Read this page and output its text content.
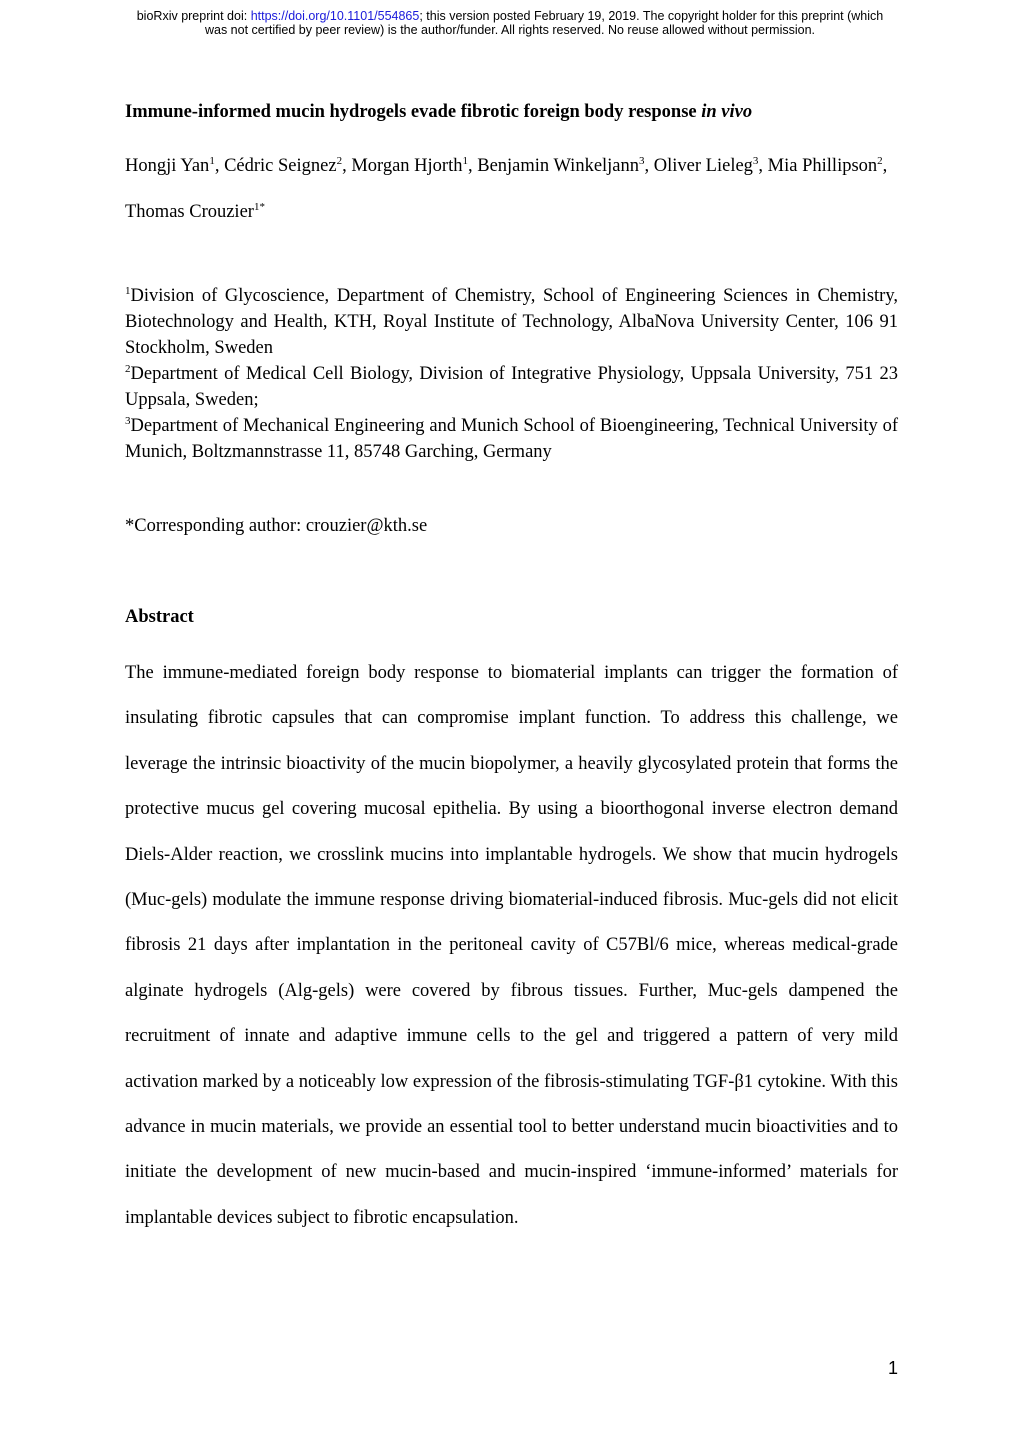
bioRxiv preprint doi: https://doi.org/10.1101/554865; this version posted February 19, 2019. The copyright holder for this preprint (which
was not certified by peer review) is the author/funder. All rights reserved. No reuse allowed without permission.
Immune-informed mucin hydrogels evade fibrotic foreign body response in vivo
Hongji Yan$^1$, Cédric Seignez$^2$, Morgan Hjorth$^1$, Benjamin Winkeljann$^3$, Oliver Lieleg$^3$, Mia Phillipson$^2$, Thomas Crouzier$^{1*}$

$^1$Division of Glycoscience, Department of Chemistry, School of Engineering Sciences in Chemistry, Biotechnology and Health, KTH, Royal Institute of Technology, AlbaNova University Center, 106 91 Stockholm, Sweden

$^2$Department of Medical Cell Biology, Division of Integrative Physiology, Uppsala University, 751 23 Uppsala, Sweden;

$^3$Department of Mechanical Engineering and Munich School of Bioengineering, Technical University of Munich, Boltzmannstrasse 11, 85748 Garching, Germany

*Corresponding author: crouzier@kth.se
Abstract

The immune-mediated foreign body response to biomaterial implants can trigger the formation of insulating fibrotic capsules that can compromise implant function. To address this challenge, we leverage the intrinsic bioactivity of the mucin biopolymer, a heavily glycosylated protein that forms the protective mucus gel covering mucosal epithelia. By using a bioorthogonal inverse electron demand Diels-Alder reaction, we crosslink mucins into implantable hydrogels. We show that mucin hydrogels (Muc-gels) modulate the immune response driving biomaterial-induced fibrosis. Muc-gels did not elicit fibrosis 21 days after implantation in the peritoneal cavity of C57Bl/6 mice, whereas medical-grade alginate hydrogels (Alg-gels) were covered by fibrous tissues. Further, Muc-gels dampened the recruitment of innate and adaptive immune cells to the gel and triggered a pattern of very mild activation marked by a noticeably low expression of the fibrosis-stimulating TGF-β1 cytokine. With this advance in mucin materials, we provide an essential tool to better understand mucin bioactivities and to initiate the development of new mucin-based and mucin-inspired ‘immune-informed’ materials for implantable devices subject to fibrotic encapsulation.

1
